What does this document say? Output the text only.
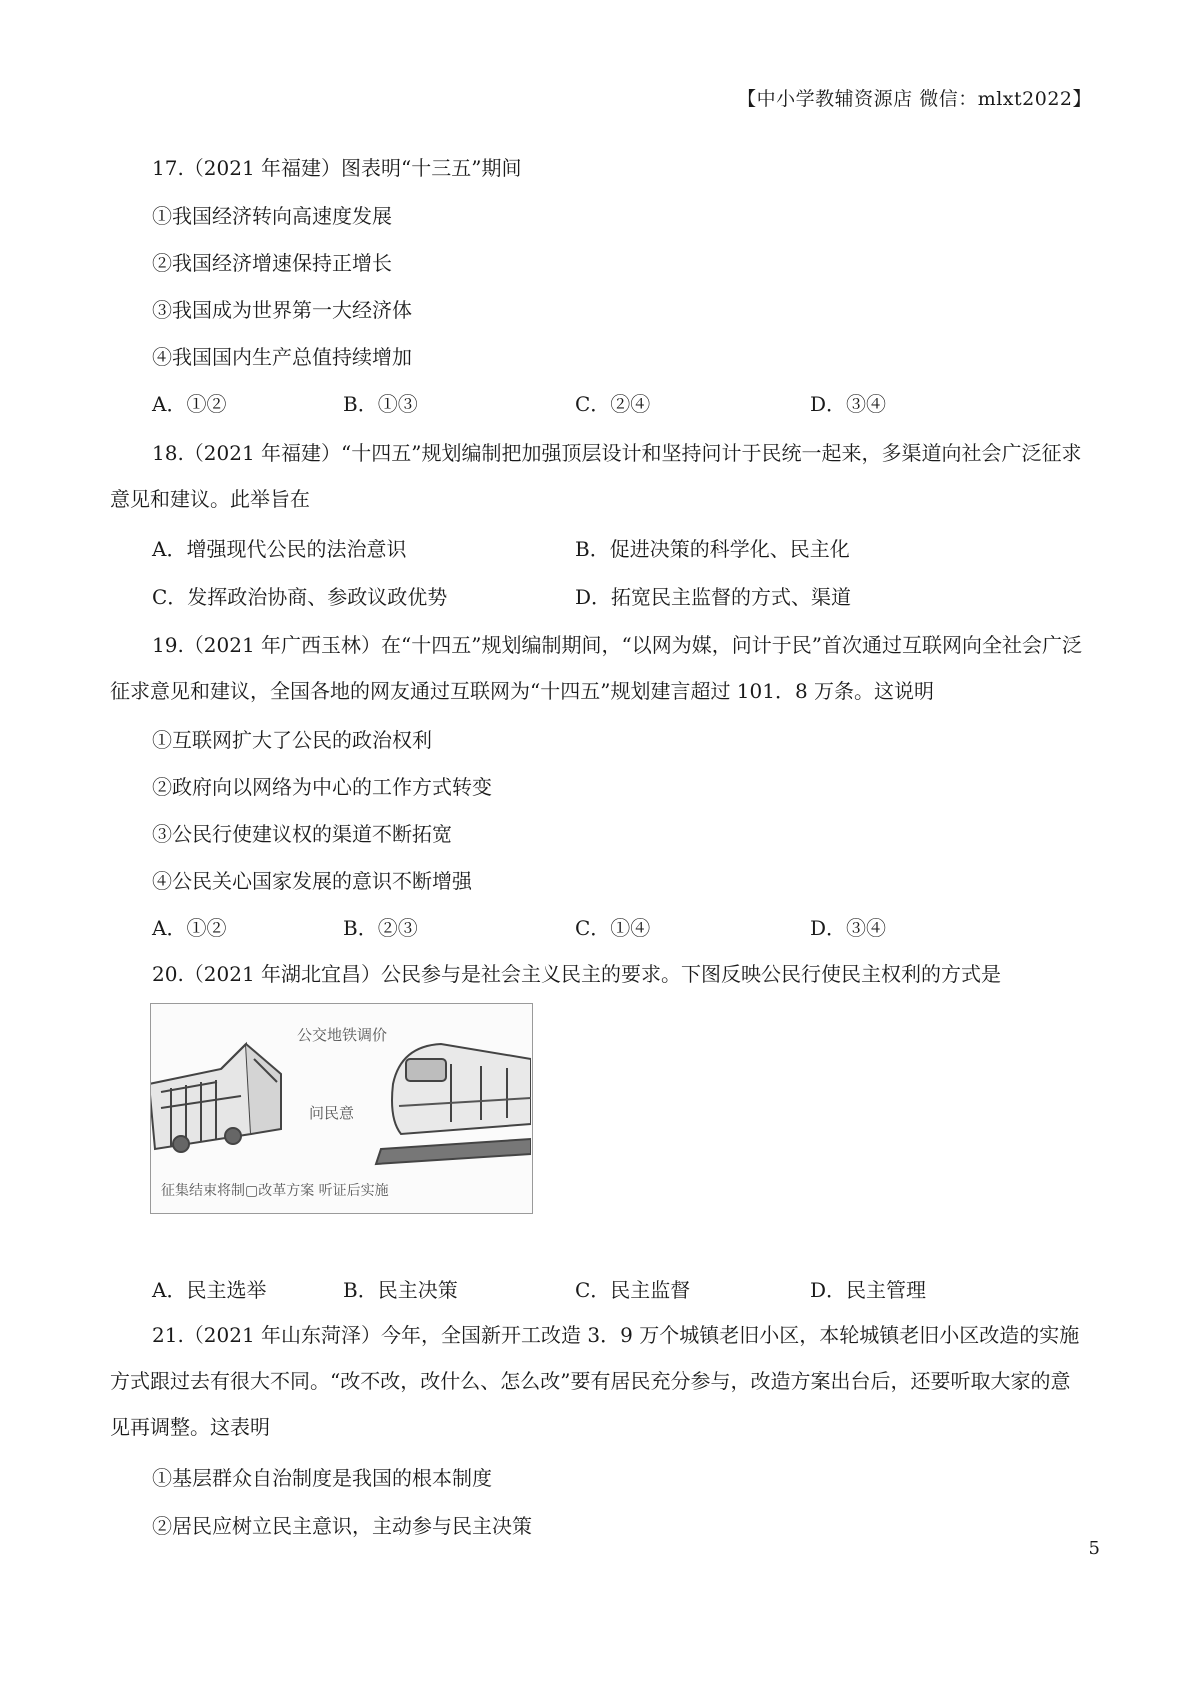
【中小学教辅资源店 微信：mlxt2022】
17.（2021 年福建）图表明“十三五”期间
①我国经济转向高速度发展
②我国经济增速保持正增长
③我国成为世界第一大经济体
④我国国内生产总值持续增加
A．①②	B．①③	C．②④	D．③④
18.（2021 年福建）“十四五”规划编制把加强顶层设计和坚持问计于民统一起来，多渠道向社会广泛征求意见和建议。此举旨在
A．增强现代公民的法治意识	B．促进决策的科学化、民主化
C．发挥政治协商、参政议政优势	D．拓宽民主监督的方式、渠道
19.（2021 年广西玉林）在“十四五”规划编制期间，“以网为媒，问计于民”首次通过互联网向全社会广泛征求意见和建议，全国各地的网友通过互联网为“十四五”规划建言超过 101．8 万条。这说明
①互联网扩大了公民的政治权利
②政府向以网络为中心的工作方式转变
③公民行使建议权的渠道不断拓宽
④公民关心国家发展的意识不断增强
A．①②	B．②③	C．①④	D．③④
20.（2021 年湖北宜昌）公民参与是社会主义民主的要求。下图反映公民行使民主权利的方式是
公交地铁调价
问民意
征集结束将制▢改革方案 听证后实施
A．民主选举	B．民主决策	C．民主监督	D．民主管理
21.（2021 年山东菏泽）今年，全国新开工改造 3．9 万个城镇老旧小区，本轮城镇老旧小区改造的实施方式跟过去有很大不同。“改不改，改什么、怎么改”要有居民充分参与，改造方案出台后，还要听取大家的意见再调整。这表明
①基层群众自治制度是我国的根本制度
②居民应树立民主意识，主动参与民主决策
5
